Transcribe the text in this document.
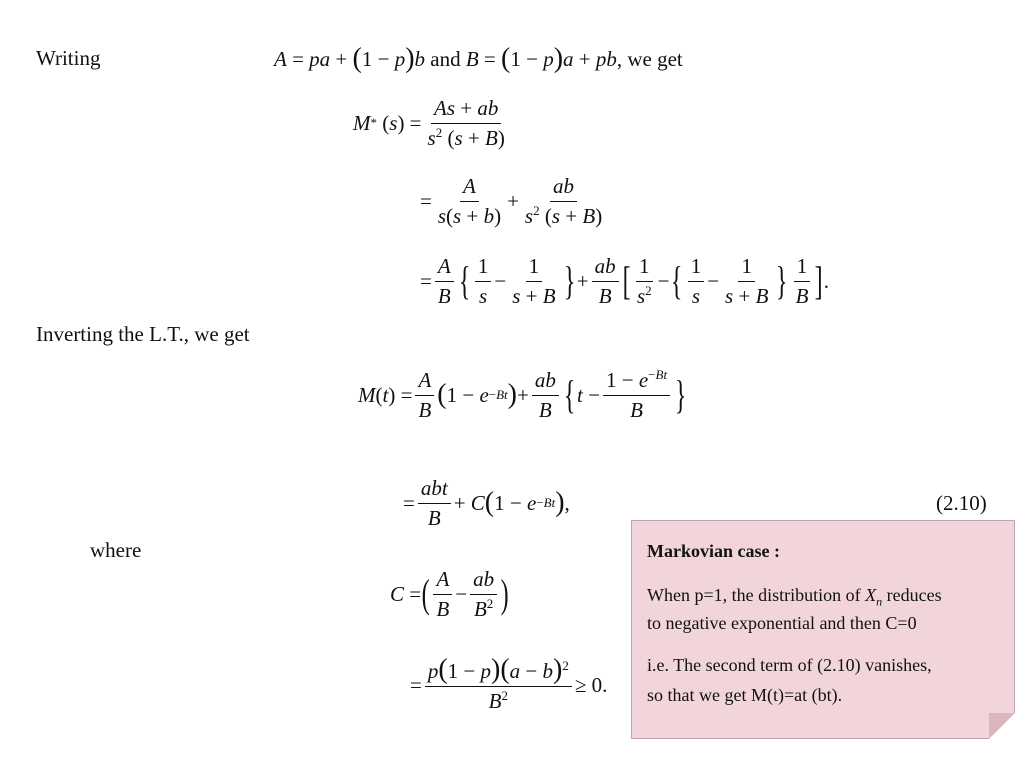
Writing
Inverting the L.T., we get
where
A = pa + ( 1 − p ) b
and
B = ( 1 − p ) a + pb , we get
M * ( s ) = $\frac{As + ab}{s^2 (s + B)}$
= $\frac{A}{s(s + b)} + \frac{ab}{s^2 (s + B)}$
= $\frac{A}{B}$ { $\frac{1}{s} - \frac{1}{s + B}$ } + $\frac{ab}{B}$ [ $\frac{1}{s^2}$ − { $\frac{1}{s} - \frac{1}{s + B}$ } $\frac{1}{B}$ ] .
M ( t ) = $\frac{A}{B}$ ( 1 − e −Bt ) + $\frac{ab}{B}$ { $t - \frac{1 - e^{-Bt}}{B}$ }
= $\frac{\text{abt}}{B} + C$ ( 1 − e −Bt ) ,	(2.10)
C = ( $\frac{A}{B} - \frac{ab}{B^2}$ )
= $\frac{p(1 - p)(a - b)^2}{B^2} \ge 0$.
Markovian case :
When p=1, the distribution of $X_n$ reduces
to negative exponential and then C=0
i.e. The second term of (2.10) vanishes,
so that we get M(t)=at (bt).
